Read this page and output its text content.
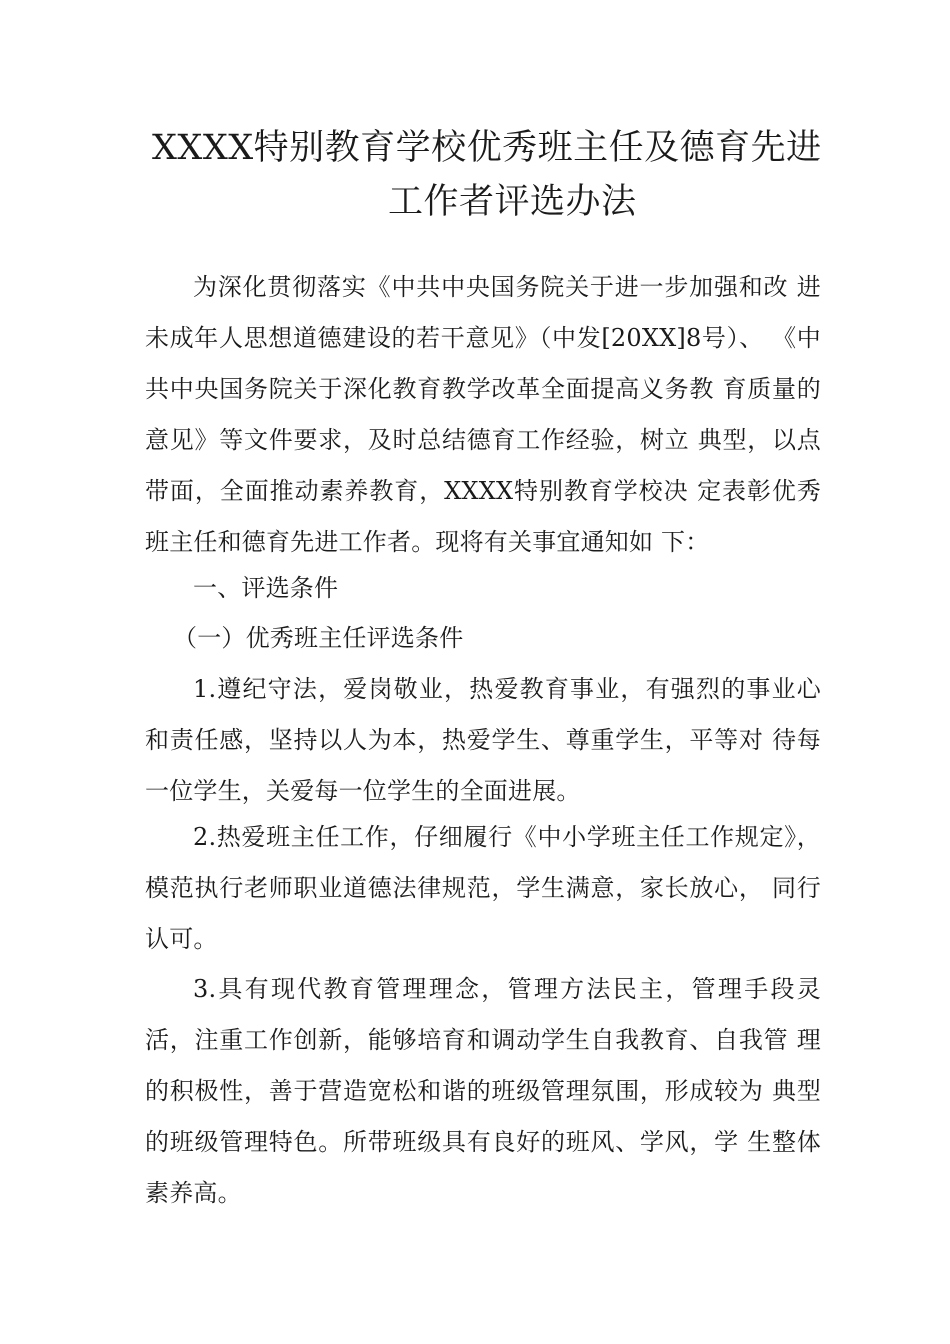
XXXX特别教育学校优秀班主任及德育先进
工作者评选办法

为深化贯彻落实《中共中央国务院关于进一步加强和改 进未成年人思想道德建设的若干意见》（中发[20XX]8号）、 《中共中央国务院关于深化教育教学改革全面提高义务教 育质量的意见》等文件要求，及时总结德育工作经验，树立 典型，以点带面，全面推动素养教育，XXXX特别教育学校决 定表彰优秀班主任和德育先进工作者。现将有关事宜通知如 下：

一、评选条件

（一）优秀班主任评选条件

1.遵纪守法，爱岗敬业，热爱教育事业，有强烈的事业心和责任感，坚持以人为本，热爱学生、尊重学生，平等对 待每一位学生，关爱每一位学生的全面进展。

2.热爱班主任工作，仔细履行《中小学班主任工作规定》，模范执行老师职业道德法律规范，学生满意，家长放心， 同行认可。

3.具有现代教育管理理念，管理方法民主，管理手段灵活，注重工作创新，能够培育和调动学生自我教育、自我管 理的积极性，善于营造宽松和谐的班级管理氛围，形成较为 典型的班级管理特色。所带班级具有良好的班风、学风，学 生整体素养高。
